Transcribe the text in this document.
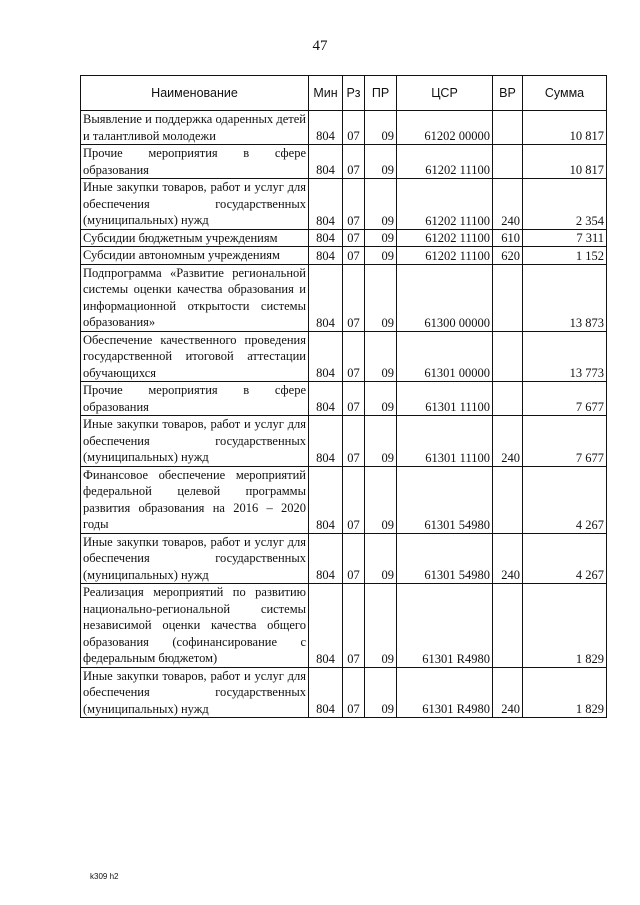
47
Наименование	Мин	Рз	ПР	ЦСР	ВР	Сумма
Выявление и поддержка одаренных детей и талантливой молодежи	804	07	09	61202 00000		10 817
Прочие мероприятия в сфере образования	804	07	09	61202 11100		10 817
Иные закупки товаров, работ и услуг для обеспечения государственных (муниципальных) нужд	804	07	09	61202 11100	240	2 354
Субсидии бюджетным учреждениям	804	07	09	61202 11100	610	7 311
Субсидии автономным учреждениям	804	07	09	61202 11100	620	1 152
Подпрограмма «Развитие региональной системы оценки качества образования и информационной открытости системы образования»	804	07	09	61300 00000		13 873
Обеспечение качественного проведения государственной итоговой аттестации обучающихся	804	07	09	61301 00000		13 773
Прочие мероприятия в сфере образования	804	07	09	61301 11100		7 677
Иные закупки товаров, работ и услуг для обеспечения государственных (муниципальных) нужд	804	07	09	61301 11100	240	7 677
Финансовое обеспечение мероприятий федеральной целевой программы развития образования на 2016 – 2020 годы	804	07	09	61301 54980		4 267
Иные закупки товаров, работ и услуг для обеспечения государственных (муниципальных) нужд	804	07	09	61301 54980	240	4 267
Реализация мероприятий по развитию национально-региональной системы независимой оценки качества общего образования (софинансирование с федеральным бюджетом)	804	07	09	61301 R4980		1 829
Иные закупки товаров, работ и услуг для обеспечения государственных (муниципальных) нужд	804	07	09	61301 R4980	240	1 829
k309 h2
